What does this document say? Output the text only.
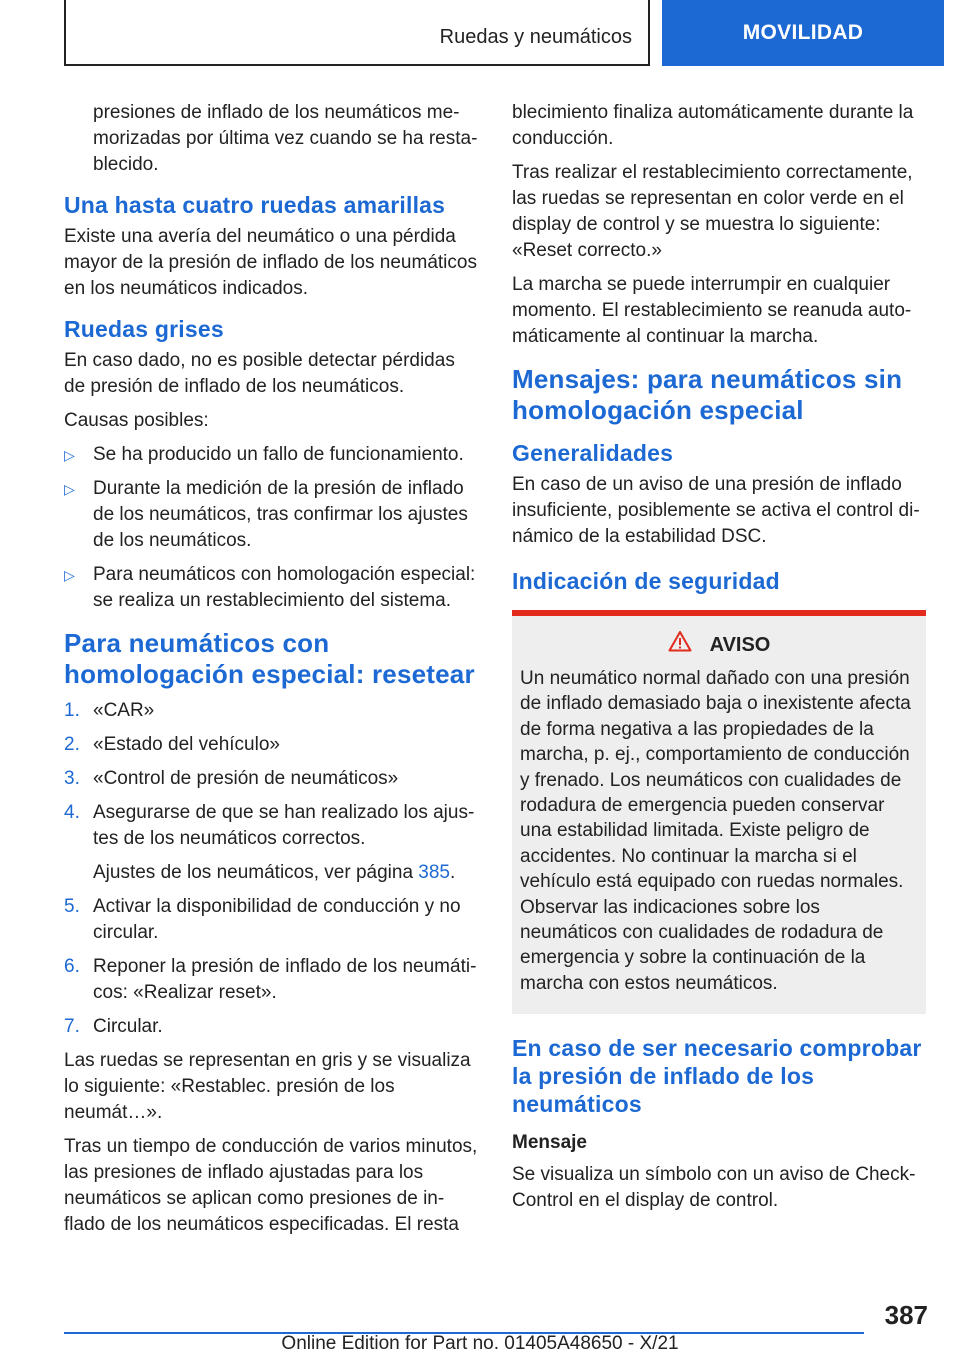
Ruedas y neumáticos	MOVILIDAD

presiones de inflado de los neumáticos memorizadas por última vez cuando se ha restablecido.

Una hasta cuatro ruedas amarillas

Existe una avería del neumático o una pérdida mayor de la presión de inflado de los neumáticos en los neumáticos indicados.

Ruedas grises

En caso dado, no es posible detectar pérdidas de presión de inflado de los neumáticos.

Causas posibles:

▷ Se ha producido un fallo de funcionamiento.
▷ Durante la medición de la presión de inflado de los neumáticos, tras confirmar los ajustes de los neumáticos.
▷ Para neumáticos con homologación especial: se realiza un restablecimiento del sistema.
Para neumáticos con homologación especial: resetear
1. «CAR»
2. «Estado del vehículo»
3. «Control de presión de neumáticos»
4. Asegurarse de que se han realizado los ajustes de los neumáticos correctos.

Ajustes de los neumáticos, ver página 385.

5. Activar la disponibilidad de conducción y no circular.
6. Reponer la presión de inflado de los neumáticos: «Realizar reset».
7. Circular.

Las ruedas se representan en gris y se visualiza lo siguiente: «Restablec. presión de los neumát…».

Tras un tiempo de conducción de varios minutos, las presiones de inflado ajustadas para los neumáticos se aplican como presiones de inflado de los neumáticos especificadas. El resta

blecimiento finaliza automáticamente durante la conducción.

Tras realizar el restablecimiento correctamente, las ruedas se representan en color verde en el display de control y se muestra lo siguiente: «Reset correcto.»

La marcha se puede interrumpir en cualquier momento. El restablecimiento se reanuda automáticamente al continuar la marcha.

Mensajes: para neumáticos sin homologación especial
Generalidades

En caso de un aviso de una presión de inflado insuficiente, posiblemente se activa el control dinámico de la estabilidad DSC.

Indicación de seguridad
AVISO
Un neumático normal dañado con una presión de inflado demasiado baja o inexistente afecta de forma negativa a las propiedades de la marcha, p. ej., comportamiento de conducción y frenado. Los neumáticos con cualidades de rodadura de emergencia pueden conservar una estabilidad limitada. Existe peligro de accidentes. No continuar la marcha si el vehículo está equipado con ruedas normales. Observar las indicaciones sobre los neumáticos con cualidades de rodadura de emergencia y sobre la continuación de la marcha con estos neumáticos.
En caso de ser necesario comprobar la presión de inflado de los neumáticos
Mensaje

Se visualiza un símbolo con un aviso de Check-Control en el display de control.

387
Online Edition for Part no. 01405A48650 - X/21
